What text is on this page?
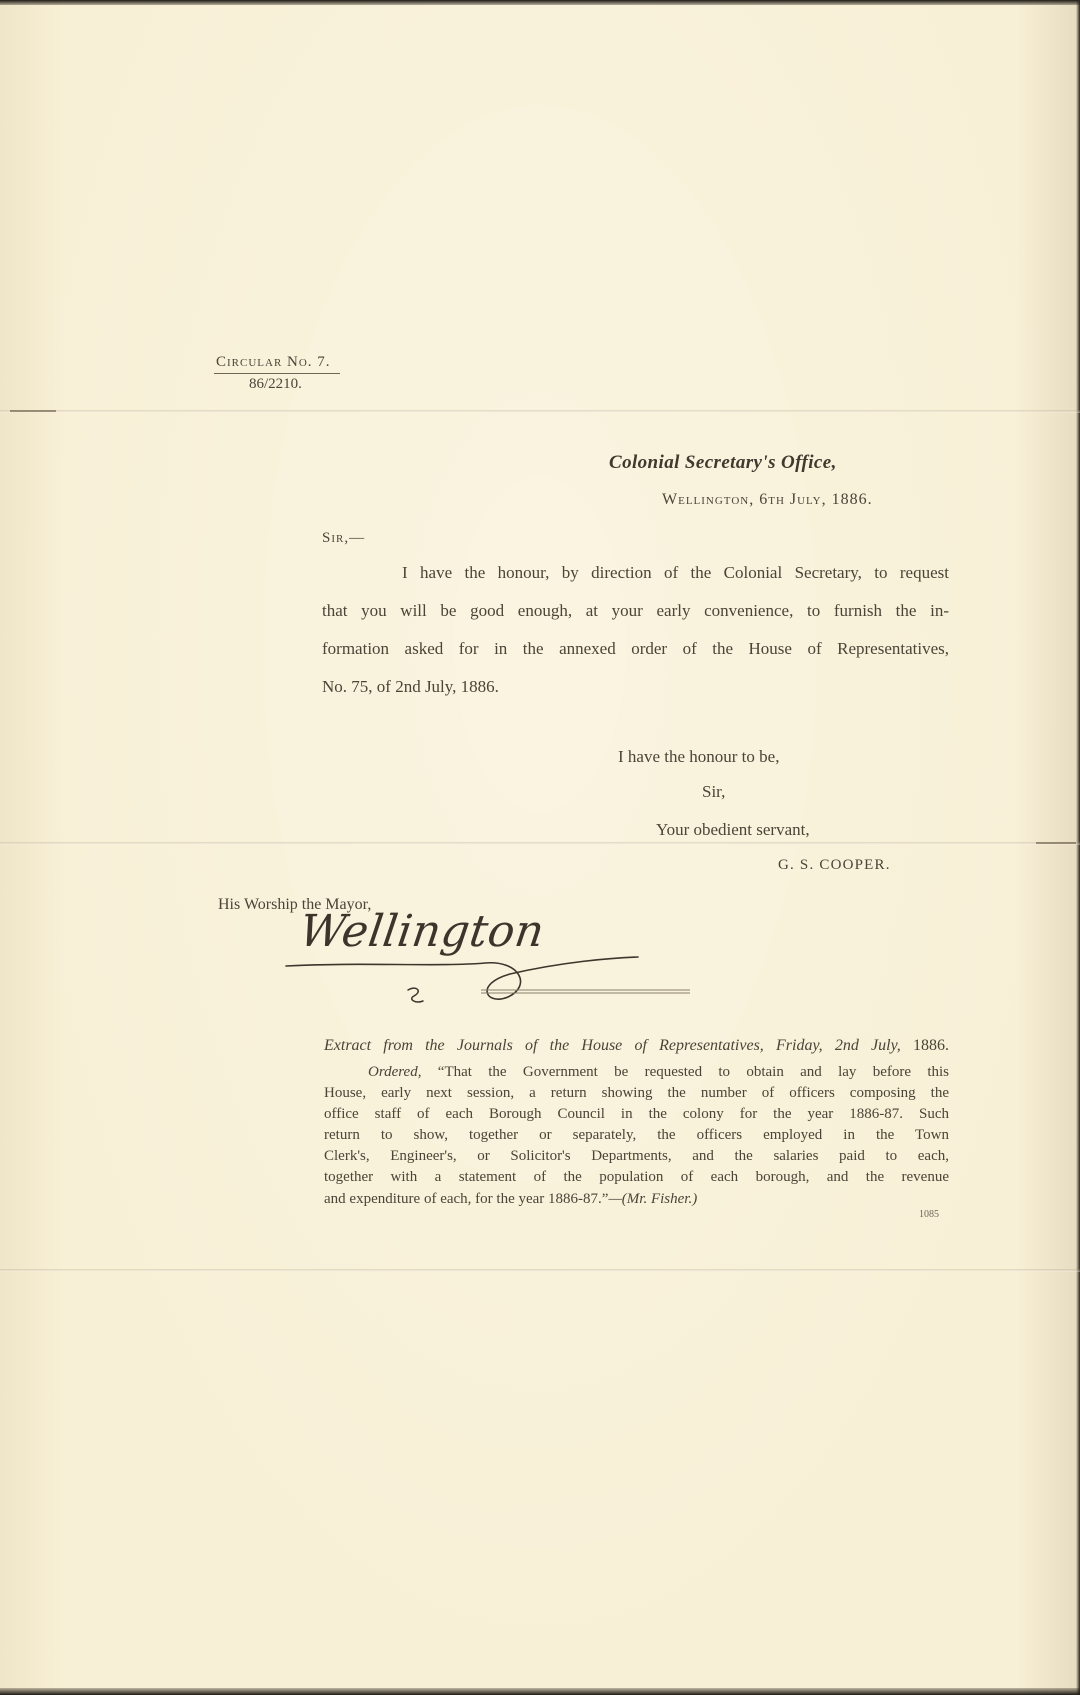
Circular No. 7.
86/2210.
Colonial Secretary's Office,
Wellington, 6th July, 1886.
Sir,—
I have the honour, by direction of the Colonial Secretary, to request
that you will be good enough, at your early convenience, to furnish the in-
formation asked for in the annexed order of the House of Representatives,
No. 75, of 2nd July, 1886.
I have the honour to be,
Sir,
Your obedient servant,
G. S. COOPER.
His Worship the Mayor,
Wellington
Extract from the Journals of the House of Representatives, Friday, 2nd July, 1886.
Ordered, “That the Government be requested to obtain and lay before this
House, early next session, a return showing the number of officers composing the
office staff of each Borough Council in the colony for the year 1886-87. Such
return to show, together or separately, the officers employed in the Town
Clerk's, Engineer's, or Solicitor's Departments, and the salaries paid to each,
together with a statement of the population of each borough, and the revenue
and expenditure of each, for the year 1886-87.”—(Mr. Fisher.)
1085
